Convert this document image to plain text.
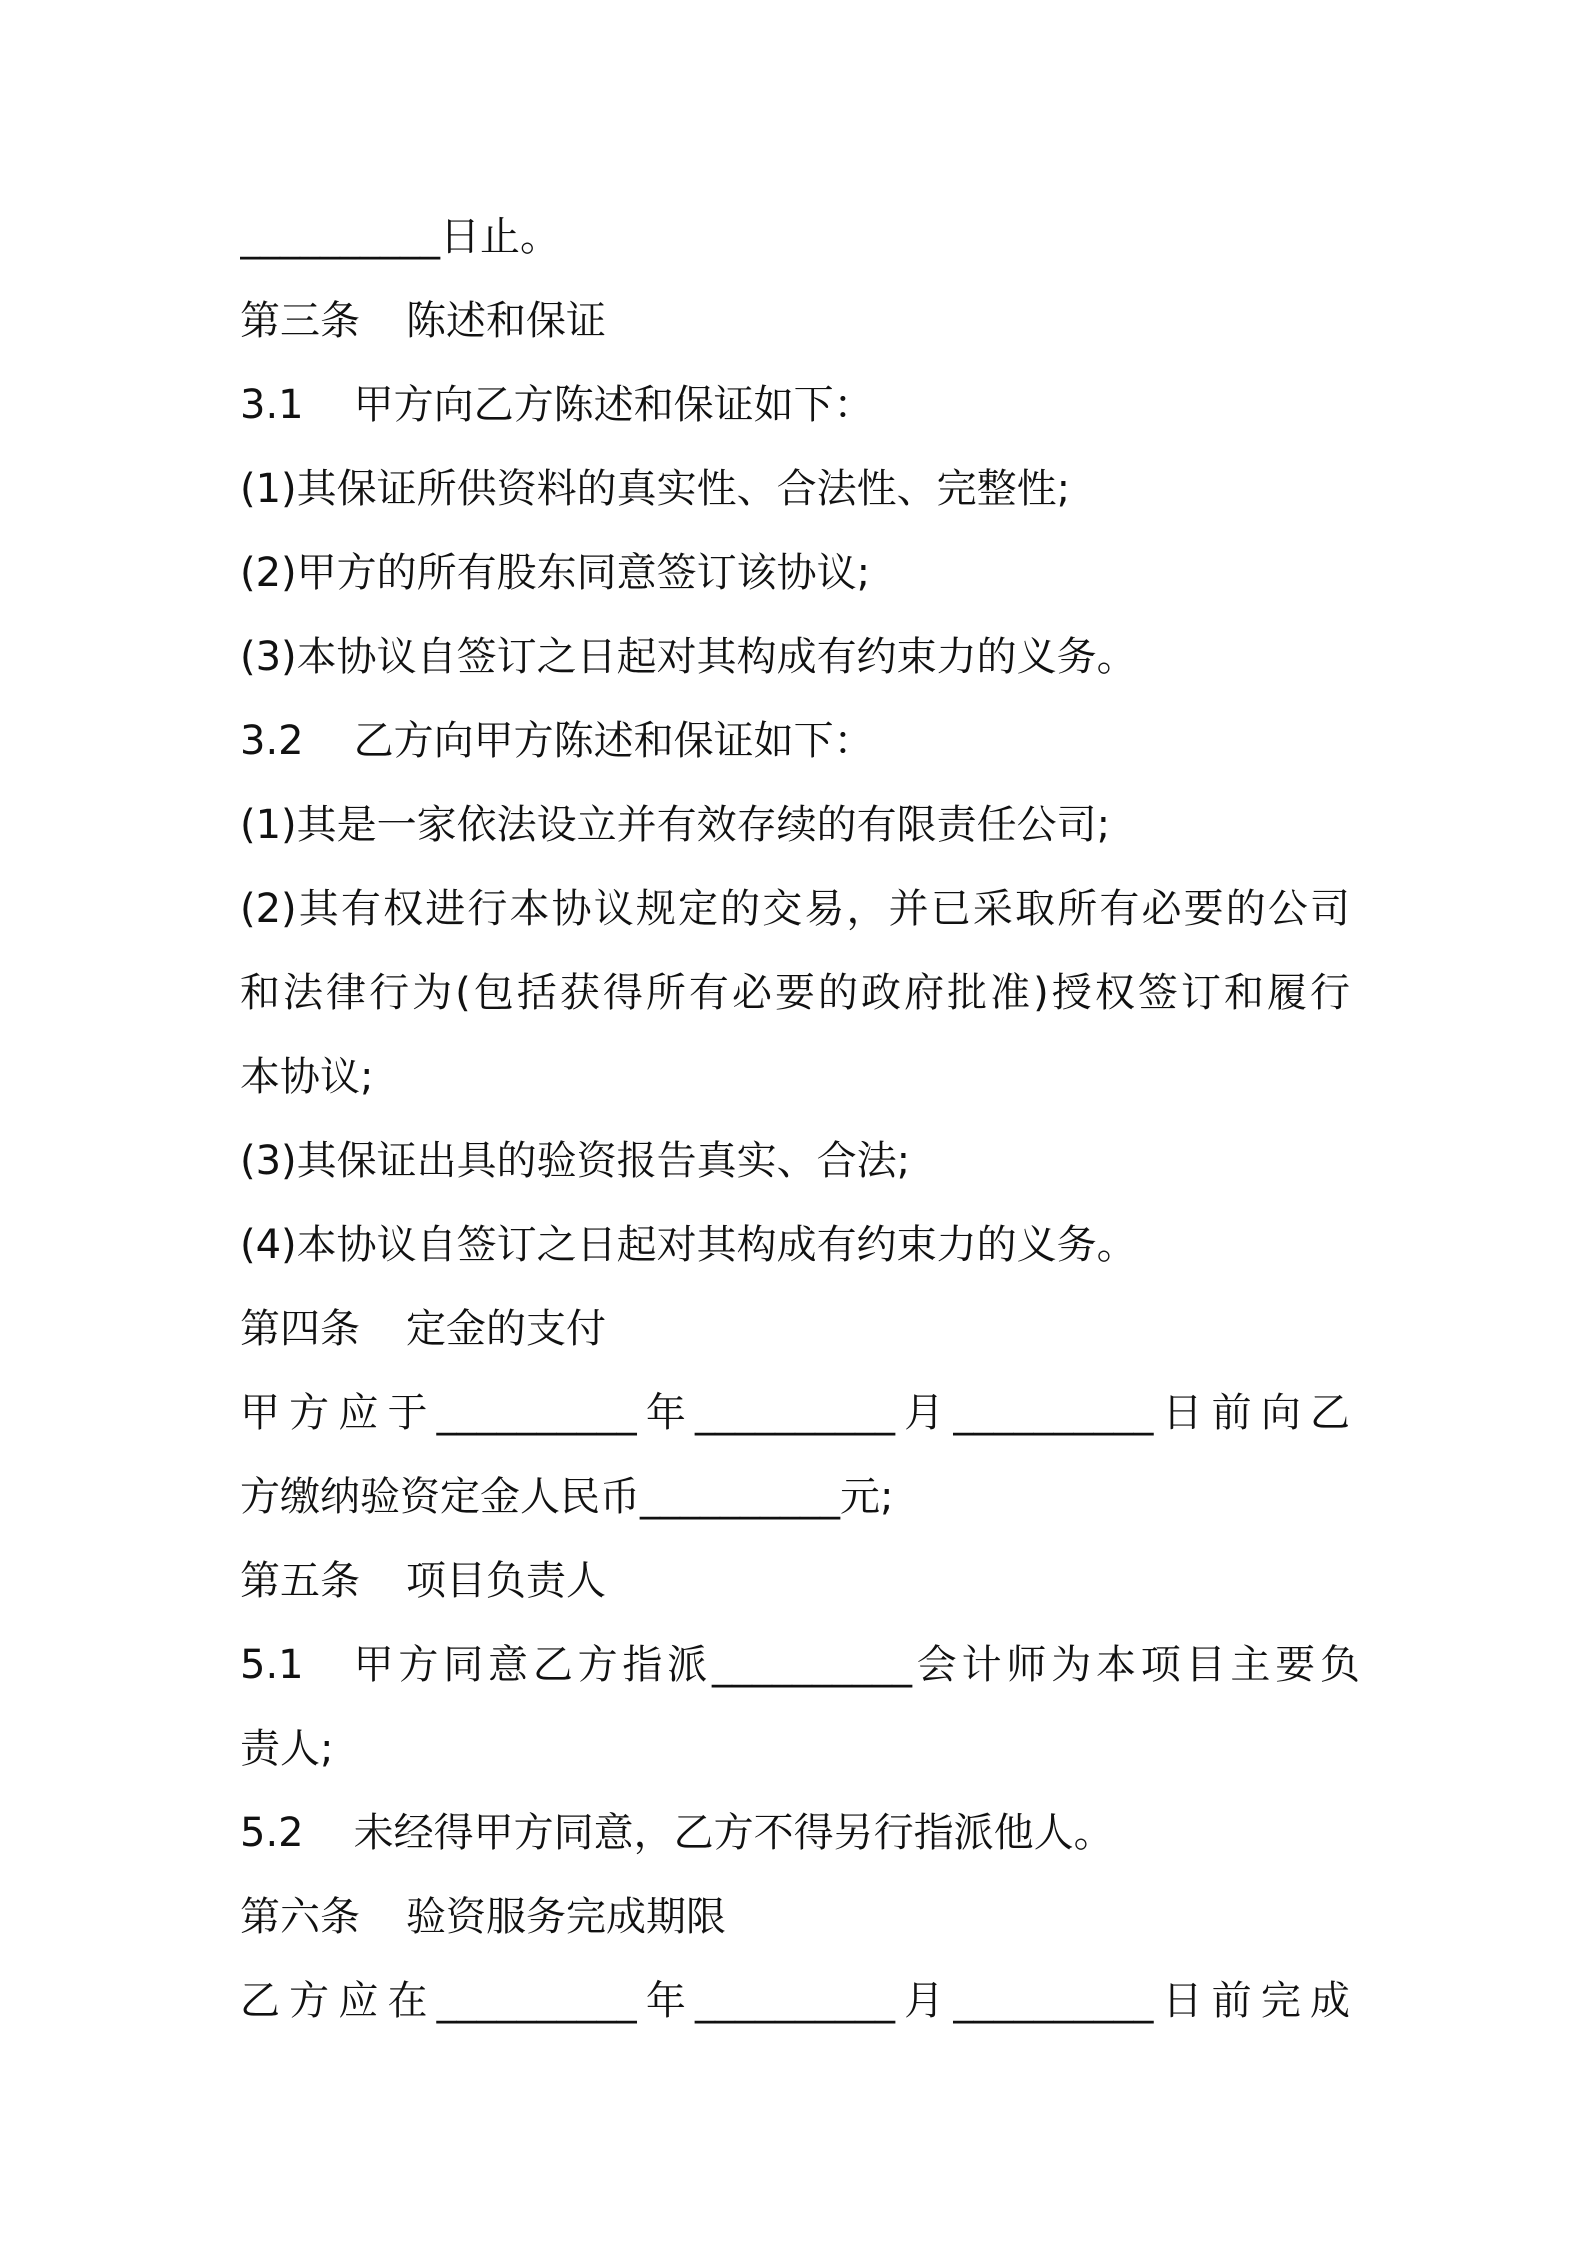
__________日止。
第三条 陈述和保证
3.1 甲方向乙方陈述和保证如下：
(1)其保证所供资料的真实性、合法性、完整性;
(2)甲方的所有股东同意签订该协议;
(3)本协议自签订之日起对其构成有约束力的义务。
3.2 乙方向甲方陈述和保证如下：
(1)其是一家依法设立并有效存续的有限责任公司;
(2)其有权进行本协议规定的交易，并已采取所有必要的公司
和法律行为(包括获得所有必要的政府批准)授权签订和履行
本协议;
(3)其保证出具的验资报告真实、合法;
(4)本协议自签订之日起对其构成有约束力的义务。
第四条 定金的支付
甲方应于__________年__________月__________日前向乙
方缴纳验资定金人民币__________元;
第五条 项目负责人
5.1 甲方同意乙方指派__________会计师为本项目主要负
责人;
5.2 未经得甲方同意，乙方不得另行指派他人。
第六条 验资服务完成期限
乙方应在__________年__________月__________日前完成
